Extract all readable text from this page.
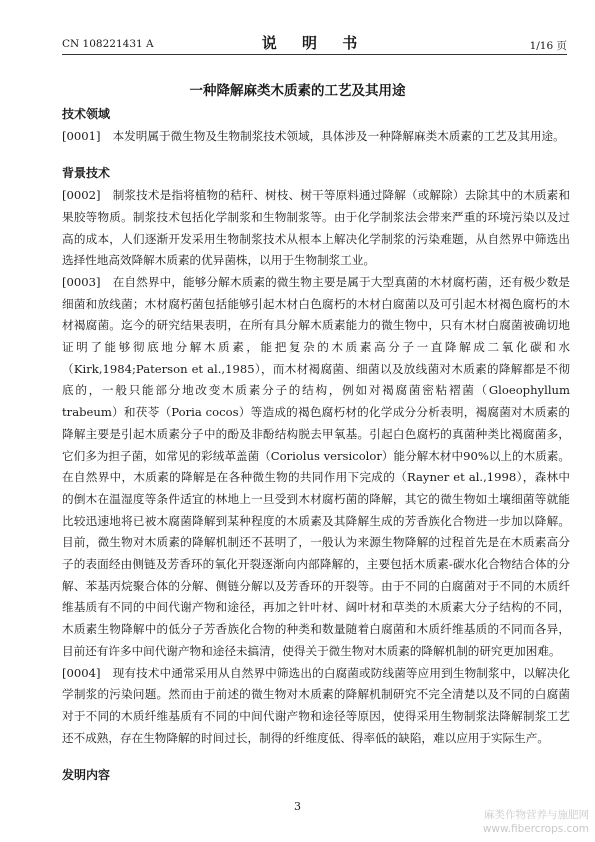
CN 108221431 A	说 明 书	1/16 页
一种降解麻类木质素的工艺及其用途
技术领域

[0001] 本发明属于微生物及生物制浆技术领域，具体涉及一种降解麻类木质素的工艺及其用途。

背景技术

[0002] 制浆技术是指将植物的秸秆、树枝、树干等原料通过降解（或解除）去除其中的木质素和果胶等物质。制浆技术包括化学制浆和生物制浆等。由于化学制浆法会带来严重的环境污染以及过高的成本，人们逐渐开发采用生物制浆技术从根本上解决化学制浆的污染难题，从自然界中筛选出选择性地高效降解木质素的优异菌株，以用于生物制浆工业。

[0003] 在自然界中，能够分解木质素的微生物主要是属于大型真菌的木材腐朽菌，还有极少数是细菌和放线菌；木材腐朽菌包括能够引起木材白色腐朽的木材白腐菌以及可引起木材褐色腐朽的木材褐腐菌。迄今的研究结果表明，在所有具分解木质素能力的微生物中，只有木材白腐菌被确切地证明了能够彻底地分解木质素，能把复杂的木质素高分子一直降解成二氧化碳和水（Kirk,1984;Paterson et al.,1985），而木材褐腐菌、细菌以及放线菌对木质素的降解都是不彻底的，一般只能部分地改变木质素分子的结构，例如对褐腐菌密粘褶菌（Gloeophyllum trabeum）和茯苓（Poria cocos）等造成的褐色腐朽材的化学成分分析表明，褐腐菌对木质素的降解主要是引起木质素分子中的酚及非酚结构脱去甲氧基。引起白色腐朽的真菌种类比褐腐菌多，它们多为担子菌，如常见的彩绒革盖菌（Coriolus versicolor）能分解木材中90%以上的木质素。在自然界中，木质素的降解是在各种微生物的共同作用下完成的（Rayner et al.,1998），森林中的倒木在温湿度等条件适宜的林地上一旦受到木材腐朽菌的降解，其它的微生物如土壤细菌等就能比较迅速地将已被木腐菌降解到某种程度的木质素及其降解生成的芳香族化合物进一步加以降解。目前，微生物对木质素的降解机制还不甚明了，一般认为来源生物降解的过程首先是在木质素高分子的表面经由侧链及芳香环的氧化开裂逐渐向内部降解的，主要包括木质素-碳水化合物结合体的分解、苯基丙烷聚合体的分解、侧链分解以及芳香环的开裂等。由于不同的白腐菌对于不同的木质纤维基质有不同的中间代谢产物和途径，再加之针叶材、阔叶材和草类的木质素大分子结构的不同，木质素生物降解中的低分子芳香族化合物的种类和数量随着白腐菌和木质纤维基质的不同而各异，目前还有许多中间代谢产物和途径未搞清，使得关于微生物对木质素的降解机制的研究更加困难。

[0004] 现有技术中通常采用从自然界中筛选出的白腐菌或防线菌等应用到生物制浆中，以解决化学制浆的污染问题。然而由于前述的微生物对木质素的降解机制研究不完全清楚以及不同的白腐菌对于不同的木质纤维基质有不同的中间代谢产物和途径等原因，使得采用生物制浆法降解制浆工艺还不成熟，存在生物降解的时间过长，制得的纤维度低、得率低的缺陷，难以应用于实际生产。

发明内容
3
麻类作物营养与施肥网
www.fibercrops.com
